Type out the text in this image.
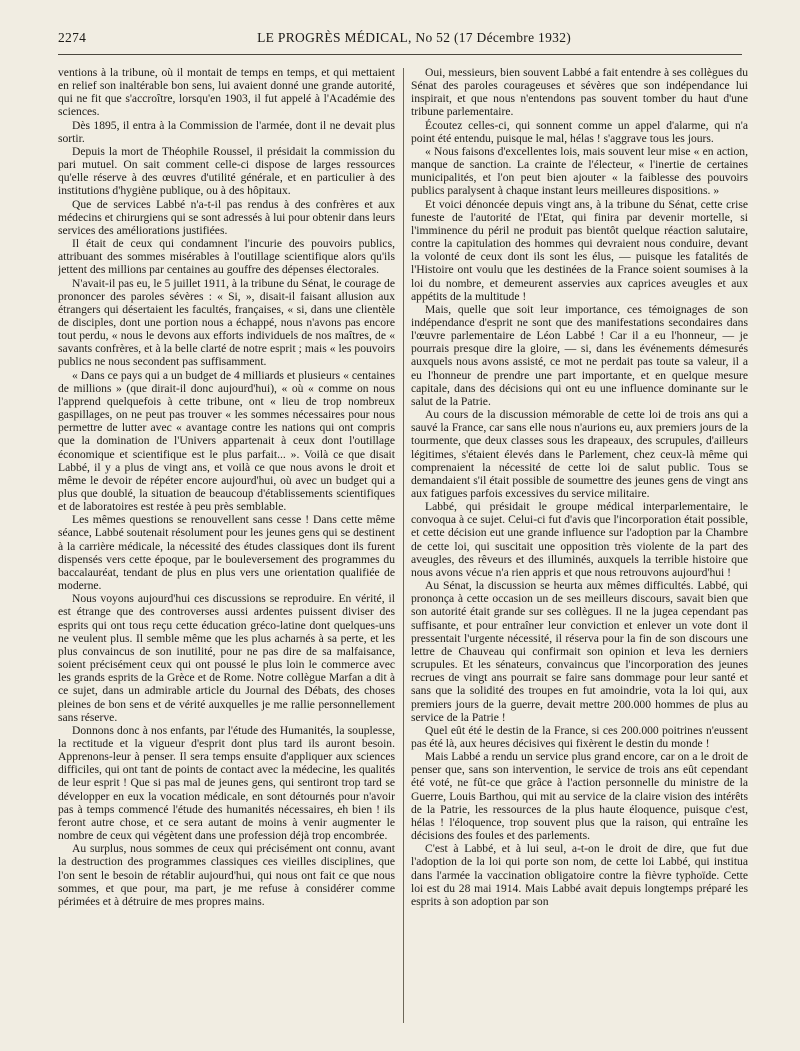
2274	LE PROGRÈS MÉDICAL, No 52 (17 Décembre 1932)

ventions à la tribune, où il montait de temps en temps, et qui mettaient en relief son inaltérable bon sens, lui avaient donné une grande autorité, qui ne fit que s'accroître, lorsqu'en 1903, il fut appelé à l'Académie des sciences.

Dès 1895, il entra à la Commission de l'armée, dont il ne devait plus sortir.

Depuis la mort de Théophile Roussel, il présidait la commission du pari mutuel. On sait comment celle-ci dispose de larges ressources qu'elle réserve à des œuvres d'utilité générale, et en particulier à des institutions d'hygiène publique, ou à des hôpitaux.

Que de services Labbé n'a-t-il pas rendus à des confrères et aux médecins et chirurgiens qui se sont adressés à lui pour obtenir dans leurs services des améliorations justifiées.

Il était de ceux qui condamnent l'incurie des pouvoirs publics, attribuant des sommes misérables à l'outillage scientifique alors qu'ils jettent des millions par centaines au gouffre des dépenses électorales.

N'avait-il pas eu, le 5 juillet 1911, à la tribune du Sénat, le courage de prononcer des paroles sévères : « Si, », disait-il faisant allusion aux étrangers qui désertaient les facultés, françaises, « si, dans une clientèle de disciples, dont une portion nous a échappé, nous n'avons pas encore tout perdu, « nous le devons aux efforts individuels de nos maîtres, de « savants confrères, et à la belle clarté de notre esprit ; mais « les pouvoirs publics ne nous secondent pas suffisamment.

« Dans ce pays qui a un budget de 4 milliards et plusieurs « centaines de millions » (que dirait-il donc aujourd'hui), « où « comme on nous l'apprend quelquefois à cette tribune, ont « lieu de trop nombreux gaspillages, on ne peut pas trouver « les sommes nécessaires pour nous permettre de lutter avec « avantage contre les nations qui ont compris que la domination de l'Univers appartenait à ceux dont l'outillage économique et scientifique est le plus parfait... ». Voilà ce que disait Labbé, il y a plus de vingt ans, et voilà ce que nous avons le droit et même le devoir de répéter encore aujourd'hui, où avec un budget qui a plus que doublé, la situation de beaucoup d'établissements scientifiques et de laboratoires est restée à peu près semblable.

Les mêmes questions se renouvellent sans cesse ! Dans cette même séance, Labbé soutenait résolument pour les jeunes gens qui se destinent à la carrière médicale, la nécessité des études classiques dont ils furent dispensés vers cette époque, par le bouleversement des programmes du baccalauréat, tendant de plus en plus vers une orientation qualifiée de moderne.

Nous voyons aujourd'hui ces discussions se reproduire. En vérité, il est étrange que des controverses aussi ardentes puissent diviser des esprits qui ont tous reçu cette éducation gréco-latine dont quelques-uns ne veulent plus. Il semble même que les plus acharnés à sa perte, et les plus convaincus de son inutilité, pour ne pas dire de sa malfaisance, soient précisément ceux qui ont poussé le plus loin le commerce avec les grands esprits de la Grèce et de Rome. Notre collègue Marfan a dit à ce sujet, dans un admirable article du Journal des Débats, des choses pleines de bon sens et de vérité auxquelles je me rallie personnellement sans réserve.

Donnons donc à nos enfants, par l'étude des Humanités, la souplesse, la rectitude et la vigueur d'esprit dont plus tard ils auront besoin. Apprenons-leur à penser. Il sera temps ensuite d'appliquer aux sciences difficiles, qui ont tant de points de contact avec la médecine, les qualités de leur esprit ! Que si pas mal de jeunes gens, qui sentiront trop tard se développer en eux la vocation médicale, en sont détournés pour n'avoir pas à temps commencé l'étude des humanités nécessaires, eh bien ! ils feront autre chose, et ce sera autant de moins à venir augmenter le nombre de ceux qui végètent dans une profession déjà trop encombrée.

Au surplus, nous sommes de ceux qui précisément ont connu, avant la destruction des programmes classiques ces vieilles disciplines, que l'on sent le besoin de rétablir aujourd'hui, qui nous ont fait ce que nous sommes, et que pour, ma part, je me refuse à considérer comme périmées et à détruire de mes propres mains.

Oui, messieurs, bien souvent Labbé a fait entendre à ses collègues du Sénat des paroles courageuses et sévères que son indépendance lui inspirait, et que nous n'entendons pas souvent tomber du haut d'une tribune parlementaire.

Écoutez celles-ci, qui sonnent comme un appel d'alarme, qui n'a point été entendu, puisque le mal, hélas ! s'aggrave tous les jours.

« Nous faisons d'excellentes lois, mais souvent leur mise « en action, manque de sanction. La crainte de l'électeur, « l'inertie de certaines municipalités, et l'on peut bien ajouter « la faiblesse des pouvoirs publics paralysent à chaque instant leurs meilleures dispositions. »

Et voici dénoncée depuis vingt ans, à la tribune du Sénat, cette crise funeste de l'autorité de l'Etat, qui finira par devenir mortelle, si l'imminence du péril ne produit pas bientôt quelque réaction salutaire, contre la capitulation des hommes qui devraient nous conduire, devant la volonté de ceux dont ils sont les élus, — puisque les fatalités de l'Histoire ont voulu que les destinées de la France soient soumises à la loi du nombre, et demeurent asservies aux caprices aveugles et aux appétits de la multitude !

Mais, quelle que soit leur importance, ces témoignages de son indépendance d'esprit ne sont que des manifestations secondaires dans l'œuvre parlementaire de Léon Labbé ! Car il a eu l'honneur, — je pourrais presque dire la gloire, — si, dans les événements démesurés auxquels nous avons assisté, ce mot ne perdait pas toute sa valeur, il a eu l'honneur de prendre une part importante, et en quelque mesure capitale, dans des décisions qui ont eu une influence dominante sur le salut de la Patrie.

Au cours de la discussion mémorable de cette loi de trois ans qui a sauvé la France, car sans elle nous n'aurions eu, aux premiers jours de la tourmente, que deux classes sous les drapeaux, des scrupules, d'ailleurs légitimes, s'étaient élevés dans le Parlement, chez ceux-là même qui comprenaient la nécessité de cette loi de salut public. Tous se demandaient s'il était possible de soumettre des jeunes gens de vingt ans aux fatigues parfois excessives du service militaire.

Labbé, qui présidait le groupe médical interparlementaire, le convoqua à ce sujet. Celui-ci fut d'avis que l'incorporation était possible, et cette décision eut une grande influence sur l'adoption par la Chambre de cette loi, qui suscitait une opposition très violente de la part des aveugles, des rêveurs et des illuminés, auxquels la terrible histoire que nous avons vécue n'a rien appris et que nous retrouvons aujourd'hui !

Au Sénat, la discussion se heurta aux mêmes difficultés. Labbé, qui prononça à cette occasion un de ses meilleurs discours, savait bien que son autorité était grande sur ses collègues. Il ne la jugea cependant pas suffisante, et pour entraîner leur conviction et enlever un vote dont il pressentait l'urgente nécessité, il réserva pour la fin de son discours une lettre de Chauveau qui confirmait son opinion et leva les derniers scrupules. Et les sénateurs, convaincus que l'incorporation des jeunes recrues de vingt ans pourrait se faire sans dommage pour leur santé et sans que la solidité des troupes en fut amoindrie, vota la loi qui, aux premiers jours de la guerre, devait mettre 200.000 hommes de plus au service de la Patrie !

Quel eût été le destin de la France, si ces 200.000 poitrines n'eussent pas été là, aux heures décisives qui fixèrent le destin du monde !

Mais Labbé a rendu un service plus grand encore, car on a le droit de penser que, sans son intervention, le service de trois ans eût cependant été voté, ne fût-ce que grâce à l'action personnelle du ministre de la Guerre, Louis Barthou, qui mit au service de la claire vision des intérêts de la Patrie, les ressources de la plus haute éloquence, puisque c'est, hélas ! l'éloquence, trop souvent plus que la raison, qui entraîne les décisions des foules et des parlements.

C'est à Labbé, et à lui seul, a-t-on le droit de dire, que fut due l'adoption de la loi qui porte son nom, de cette loi Labbé, qui institua dans l'armée la vaccination obligatoire contre la fièvre typhoïde. Cette loi est du 28 mai 1914. Mais Labbé avait depuis longtemps préparé les esprits à son adoption par son
